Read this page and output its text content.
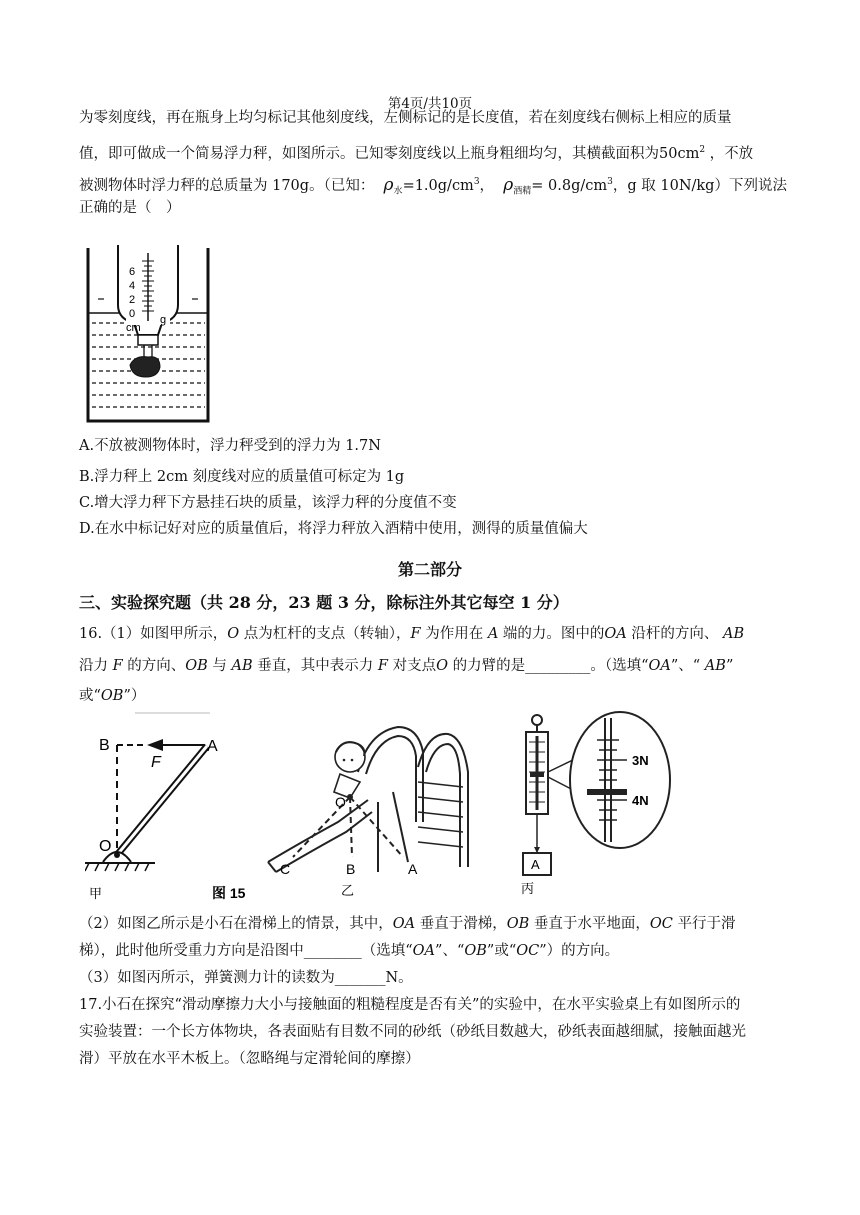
第4页/共10页
为零刻度线，再在瓶身上均匀标记其他刻度线，左侧标记的是长度值，若在刻度线右侧标上相应的质量
值，即可做成一个简易浮力秤，如图所示。已知零刻度线以上瓶身粗细均匀，其横截面积为$50cm^2$ ，不放
被测物体时浮力秤的总质量为 170g。（已知： $\rho_水=1.0g/cm^3$， $\rho_{酒精}= 0.8g/cm^3$，g 取 10N/kg）下列说法
正确的是（　）
6
4
2
0
cm
g
A.不放被测物体时，浮力秤受到的浮力为 1.7N
B.浮力秤上 2cm 刻度线对应的质量值可标定为 1g
C.增大浮力秤下方悬挂石块的质量，该浮力秤的分度值不变
D.在水中标记好对应的质量值后，将浮力秤放入酒精中使用，测得的质量值偏大
第二部分
三、实验探究题（共 28 分，23 题 3 分，除标注外其它每空 1 分）
16.（1）如图甲所示，O 点为杠杆的支点（转轴），F 为作用在 A 端的力。图中的OA 沿杆的方向、 AB
沿力 F 的方向、OB 与 AB 垂直，其中表示力 F 对支点O 的力臂的是_________。（选填“OA”、“ AB”
或“OB”）
B	A
F
O
甲	图 15
O
C	B	A
乙
A
3N
4N
丙
（2）如图乙所示是小石在滑梯上的情景，其中，OA 垂直于滑梯，OB 垂直于水平地面，OC 平行于滑
梯），此时他所受重力方向是沿图中________（选填“OA”、“OB”或“OC”）的方向。
（3）如图丙所示，弹簧测力计的读数为_______N。
17.小石在探究“滑动摩擦力大小与接触面的粗糙程度是否有关”的实验中，在水平实验桌上有如图所示的
实验装置：一个长方体物块，各表面贴有目数不同的砂纸（砂纸目数越大，砂纸表面越细腻，接触面越光
滑）平放在水平木板上。（忽略绳与定滑轮间的摩擦）
